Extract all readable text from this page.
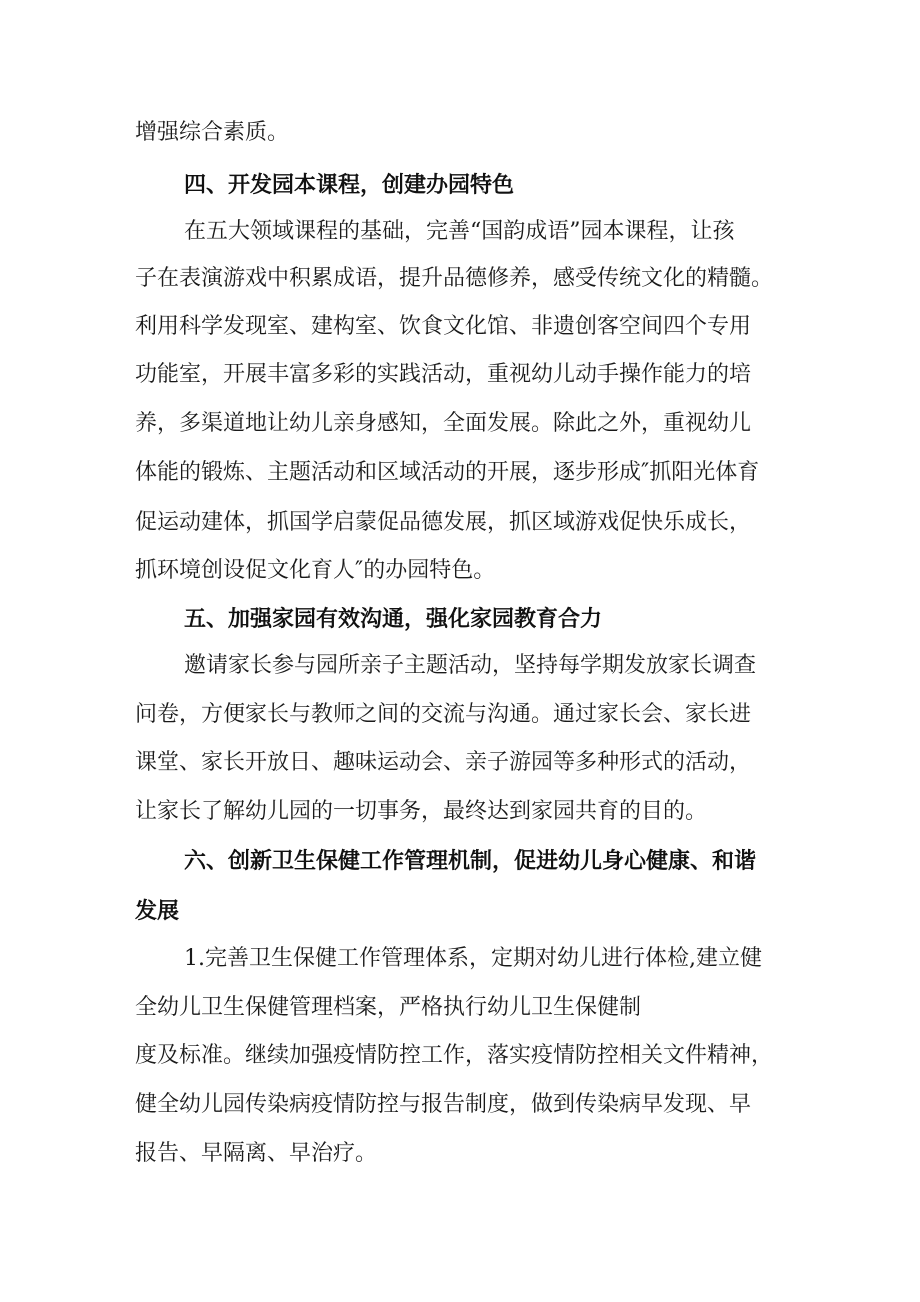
增强综合素质。

四、开发园本课程，创建办园特色

在五大领域课程的基础，完善“国韵成语”园本课程，让孩

子在表演游戏中积累成语，提升品德修养，感受传统文化的精髓。

利用科学发现室、建构室、饮食文化馆、非遗创客空间四个专用

功能室，开展丰富多彩的实践活动，重视幼儿动手操作能力的培

养，多渠道地让幼儿亲身感知，全面发展。除此之外，重视幼儿

体能的锻炼、主题活动和区域活动的开展，逐步形成″抓阳光体育

促运动建体，抓国学启蒙促品德发展，抓区域游戏促快乐成长，

抓环境创设促文化育人″的办园特色。

五、加强家园有效沟通，强化家园教育合力

邀请家长参与园所亲子主题活动，坚持每学期发放家长调查

问卷，方便家长与教师之间的交流与沟通。通过家长会、家长进

课堂、家长开放日、趣味运动会、亲子游园等多种形式的活动，

让家长了解幼儿园的一切事务，最终达到家园共育的目的。

六、创新卫生保健工作管理机制，促进幼儿身心健康、和谐

发展

1.完善卫生保健工作管理体系，定期对幼儿进行体检,建立健

全幼儿卫生保健管理档案，严格执行幼儿卫生保健制

度及标准。继续加强疫情防控工作，落实疫情防控相关文件精神，

健全幼儿园传染病疫情防控与报告制度，做到传染病早发现、早

报告、早隔离、早治疗。
